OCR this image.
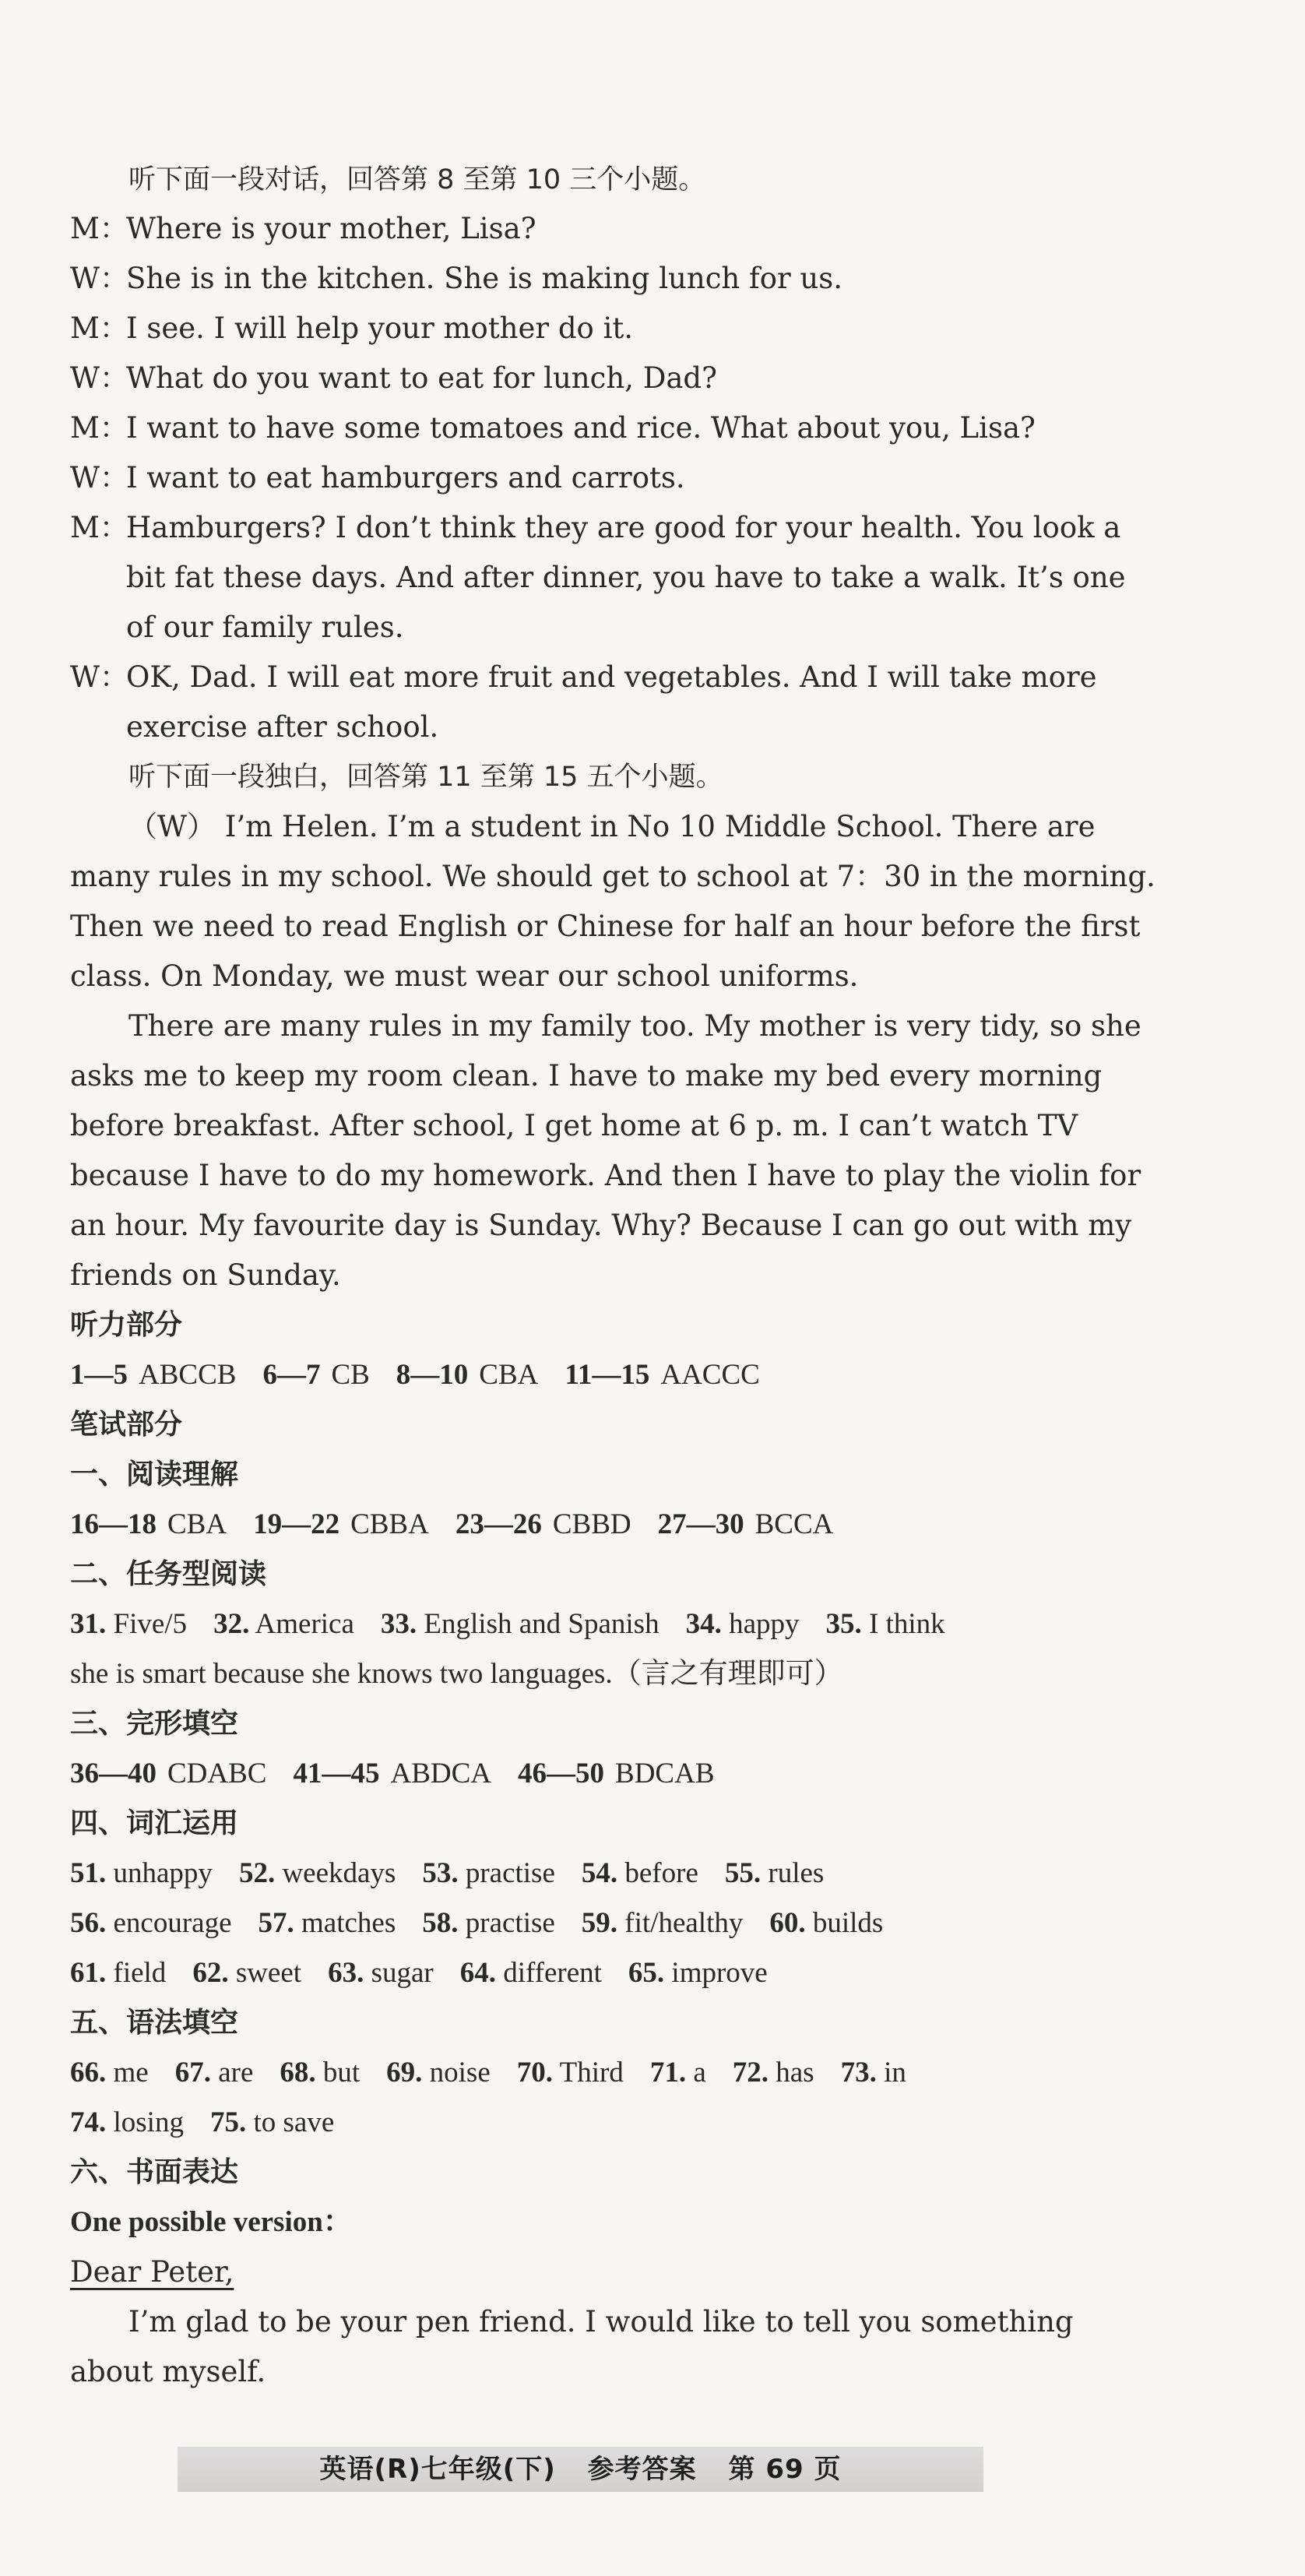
听下面一段对话，回答第 8 至第 10 三个小题。
M：Where is your mother, Lisa?
W：She is in the kitchen. She is making lunch for us.
M：I see. I will help your mother do it.
W：What do you want to eat for lunch, Dad?
M：I want to have some tomatoes and rice. What about you, Lisa?
W：I want to eat hamburgers and carrots.
M：Hamburgers? I don’t think they are good for your health. You look a
bit fat these days. And after dinner, you have to take a walk. It’s one
of our family rules.
W：OK, Dad. I will eat more fruit and vegetables. And I will take more
exercise after school.
听下面一段独白，回答第 11 至第 15 五个小题。
（W） I’m Helen. I’m a student in No 10 Middle School. There are
many rules in my school. We should get to school at 7：30 in the morning.
Then we need to read English or Chinese for half an hour before the first
class. On Monday, we must wear our school uniforms.
There are many rules in my family too. My mother is very tidy, so she
asks me to keep my room clean. I have to make my bed every morning
before breakfast. After school, I get home at 6 p. m. I can’t watch TV
because I have to do my homework. And then I have to play the violin for
an hour. My favourite day is Sunday. Why? Because I can go out with my
friends on Sunday.
听力部分
1—5 ABCCB 6—7 CB 8—10 CBA 11—15 AACCC
笔试部分
一、阅读理解
16—18 CBA 19—22 CBBA 23—26 CBBD 27—30 BCCA
二、任务型阅读
31. Five/5 32. America 33. English and Spanish 34. happy 35. I think
she is smart because she knows two languages.（言之有理即可）
三、完形填空
36—40 CDABC 41—45 ABDCA 46—50 BDCAB
四、词汇运用
51. unhappy 52. weekdays 53. practise 54. before 55. rules
56. encourage 57. matches 58. practise 59. fit/healthy 60. builds
61. field 62. sweet 63. sugar 64. different 65. improve
五、语法填空
66. me 67. are 68. but 69. noise 70. Third 71. a 72. has 73. in
74. losing 75. to save
六、书面表达
One possible version：
Dear Peter,
I’m glad to be your pen friend. I would like to tell you something
about myself.
英语(R)七年级(下) 参考答案 第 69 页
